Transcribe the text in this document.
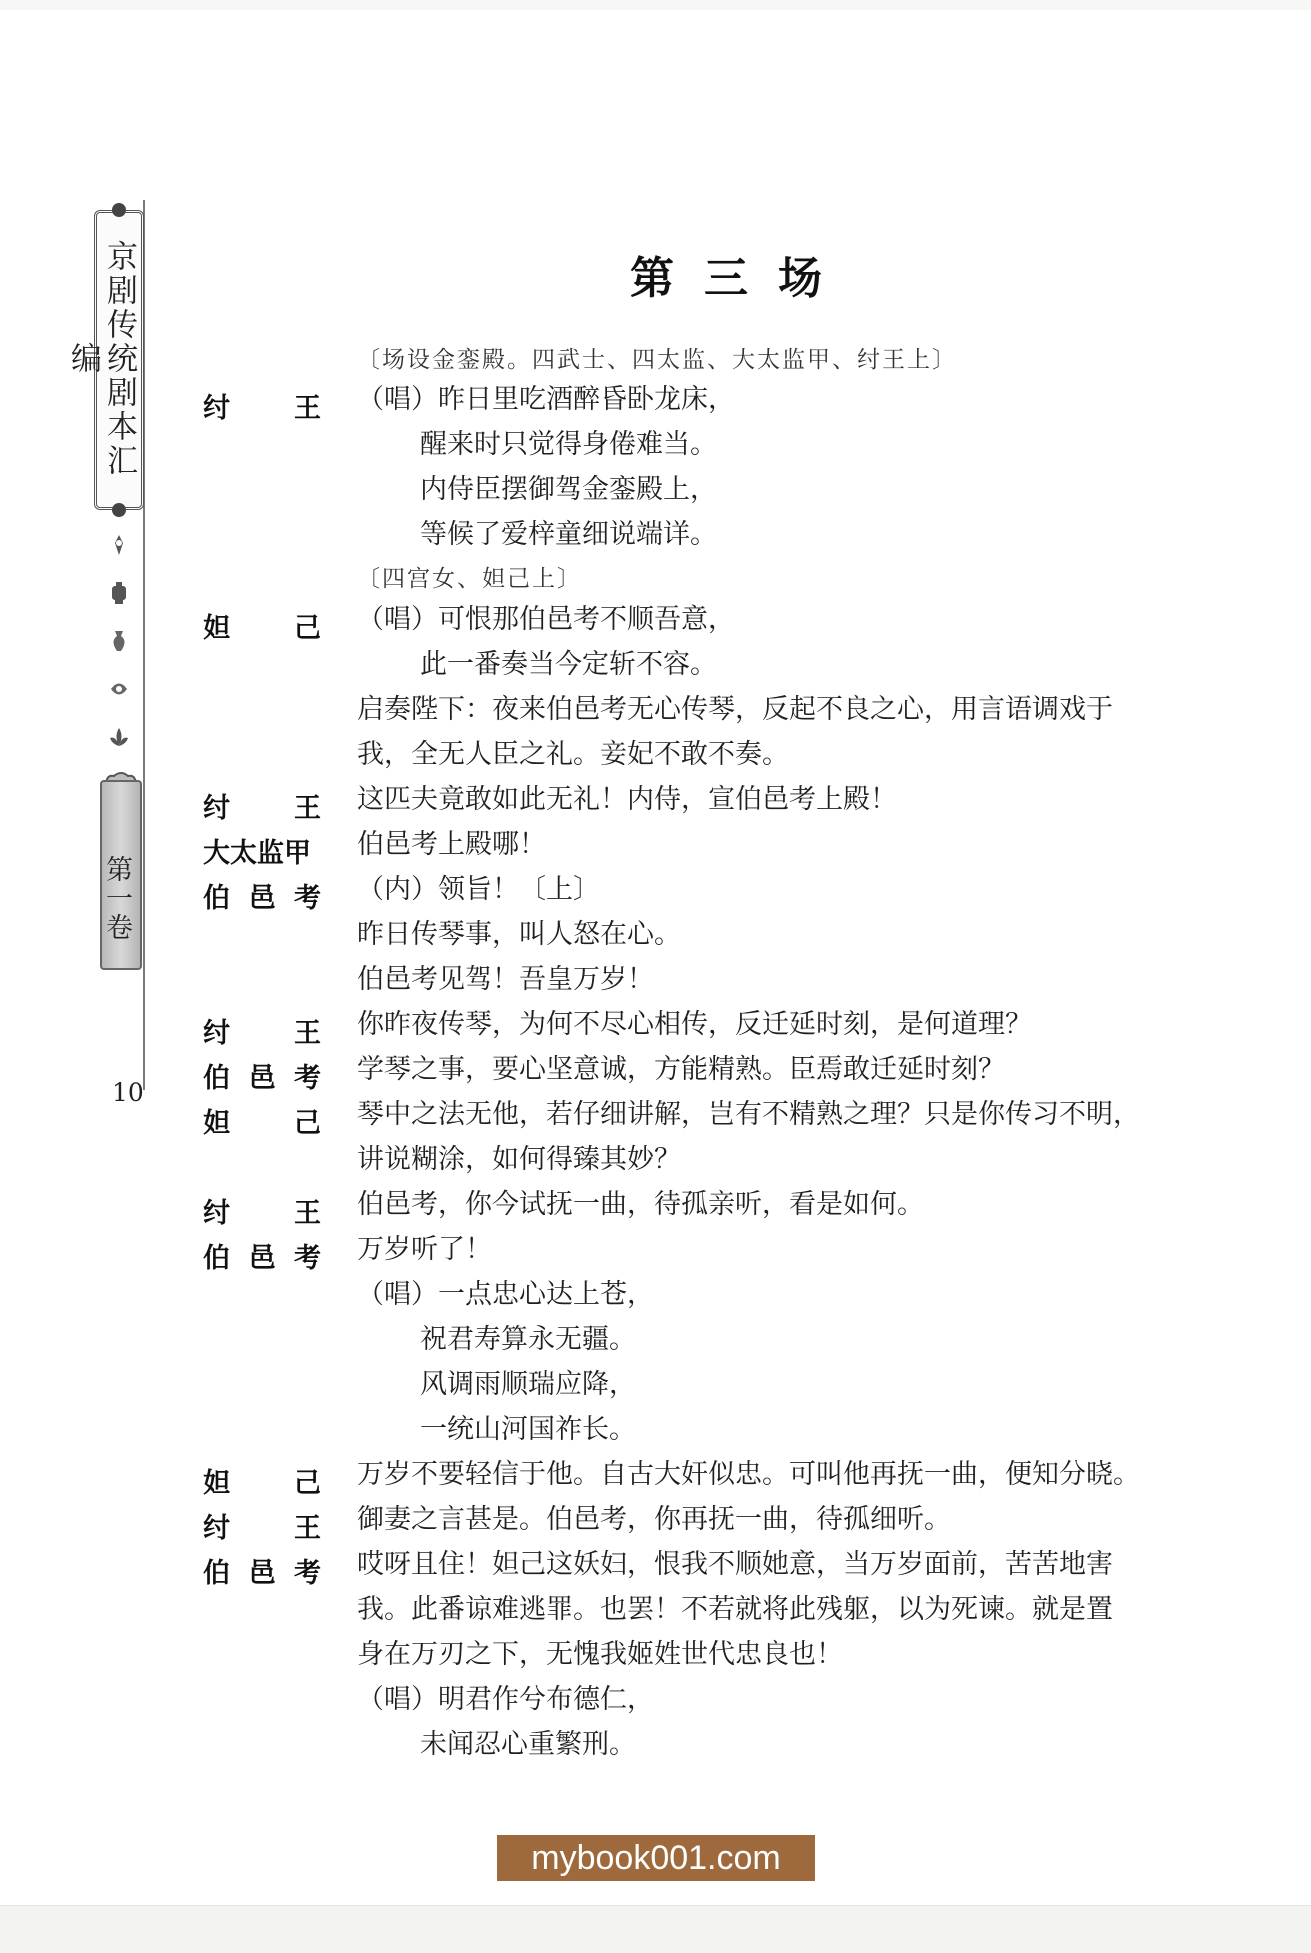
京剧传统剧本汇编
第一卷
10
第三场
〔场设金銮殿。四武士、四太监、大太监甲、纣王上〕
纣 王 （唱）昨日里吃酒醉昏卧龙床，
醒来时只觉得身倦难当。
内侍臣摆御驾金銮殿上，
等候了爱梓童细说端详。
〔四宫女、妲己上〕
妲 己 （唱）可恨那伯邑考不顺吾意，
此一番奏当今定斩不容。
启奏陛下：夜来伯邑考无心传琴，反起不良之心，用言语调戏于
我，全无人臣之礼。妾妃不敢不奏。
纣 王 这匹夫竟敢如此无礼！内侍，宣伯邑考上殿！
大太监甲 伯邑考上殿哪！
伯 邑 考 （内）领旨！〔上〕
昨日传琴事，叫人怒在心。
伯邑考见驾！吾皇万岁！
纣 王 你昨夜传琴，为何不尽心相传，反迁延时刻，是何道理？
伯 邑 考 学琴之事，要心坚意诚，方能精熟。臣焉敢迁延时刻？
妲 己 琴中之法无他，若仔细讲解，岂有不精熟之理？只是你传习不明，
讲说糊涂，如何得臻其妙？
纣 王 伯邑考，你今试抚一曲，待孤亲听，看是如何。
伯 邑 考 万岁听了！
（唱）一点忠心达上苍，
祝君寿算永无疆。
风调雨顺瑞应降，
一统山河国祚长。
妲 己 万岁不要轻信于他。自古大奸似忠。可叫他再抚一曲，便知分晓。
纣 王 御妻之言甚是。伯邑考，你再抚一曲，待孤细听。
伯 邑 考 哎呀且住！妲己这妖妇，恨我不顺她意，当万岁面前，苦苦地害
我。此番谅难逃罪。也罢！不若就将此残躯，以为死谏。就是置
身在万刃之下，无愧我姬姓世代忠良也！
（唱）明君作兮布德仁，
未闻忍心重繁刑。
mybook001.com
